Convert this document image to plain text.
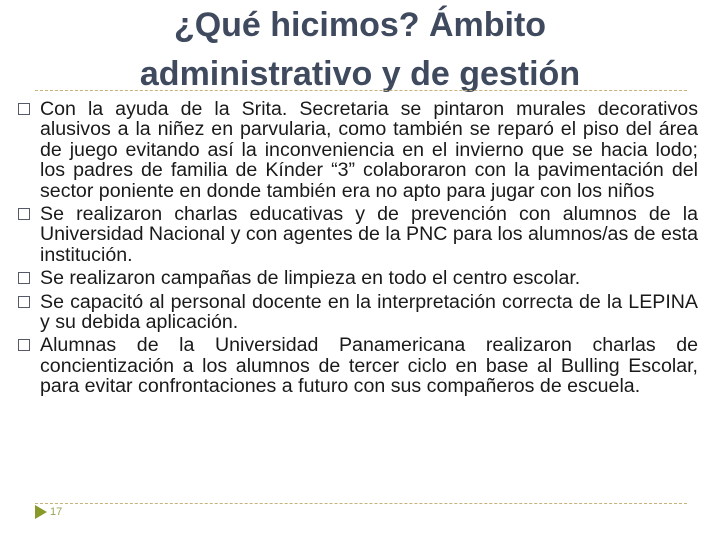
¿Qué hicimos? Ámbito
administrativo y de gestión
Con la ayuda de la Srita. Secretaria se pintaron murales decorativos alusivos a la niñez en parvularia, como también se reparó el piso del área de juego evitando así la inconveniencia en el invierno que se hacia lodo; los padres de familia de Kínder “3” colaboraron con la pavimentación del sector poniente en donde también era no apto para jugar con los niños
Se realizaron charlas educativas y de prevención con alumnos de la Universidad Nacional y con agentes de la PNC para los alumnos/as de esta institución.
Se realizaron campañas de limpieza en todo el centro escolar.
Se capacitó al personal docente en la interpretación correcta de la LEPINA y su debida aplicación.
Alumnas de la Universidad Panamericana realizaron charlas de concientización a los alumnos de tercer ciclo en base al Bulling Escolar, para evitar confrontaciones a futuro con sus compañeros de escuela.
17
